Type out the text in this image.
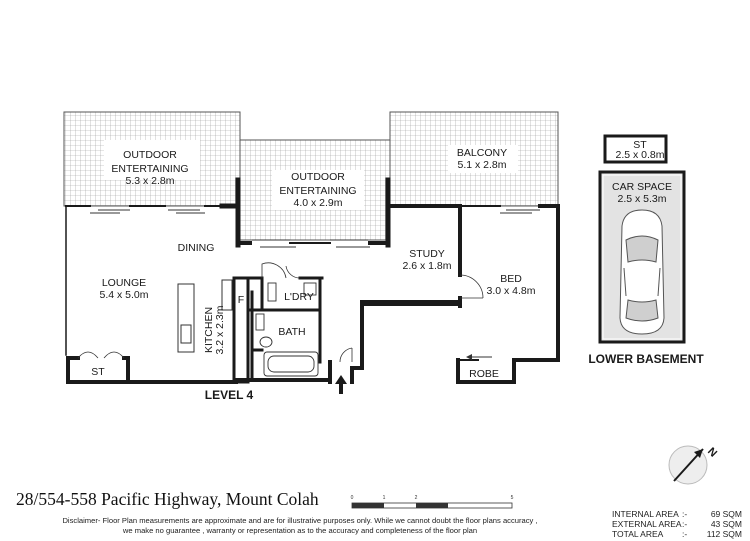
OUTDOOR
ENTERTAINING
5.3 x 2.8m	OUTDOOR
ENTERTAINING
4.0 x 2.9m
BALCONY
5.1 x 2.8m
DINING
LOUNGE
5.4 x 5.0m
KITCHEN 3.2 x 2.3m
F	L'DRY
BATH
STUDY
2.6 x 1.8m
BED
3.0 x 4.8m
ROBE
ST
LEVEL 4
ST
2.5 x 0.8m
CAR SPACE
2.5 x 5.3m
LOWER BASEMENT
N
0	1	2	5
28/554-558 Pacific Highway, Mount Colah
INTERNAL AREA :-	69 SQM
EXTERNAL AREA :-	43 SQM
TOTAL AREA	:-	112 SQM
Disclaimer- Floor Plan measurements are approximate and are for illustrative purposes only. While we cannot doubt the floor plans accuracy ,
we make no guarantee , warranty or representation as to the accuracy and completeness of the floor plan
